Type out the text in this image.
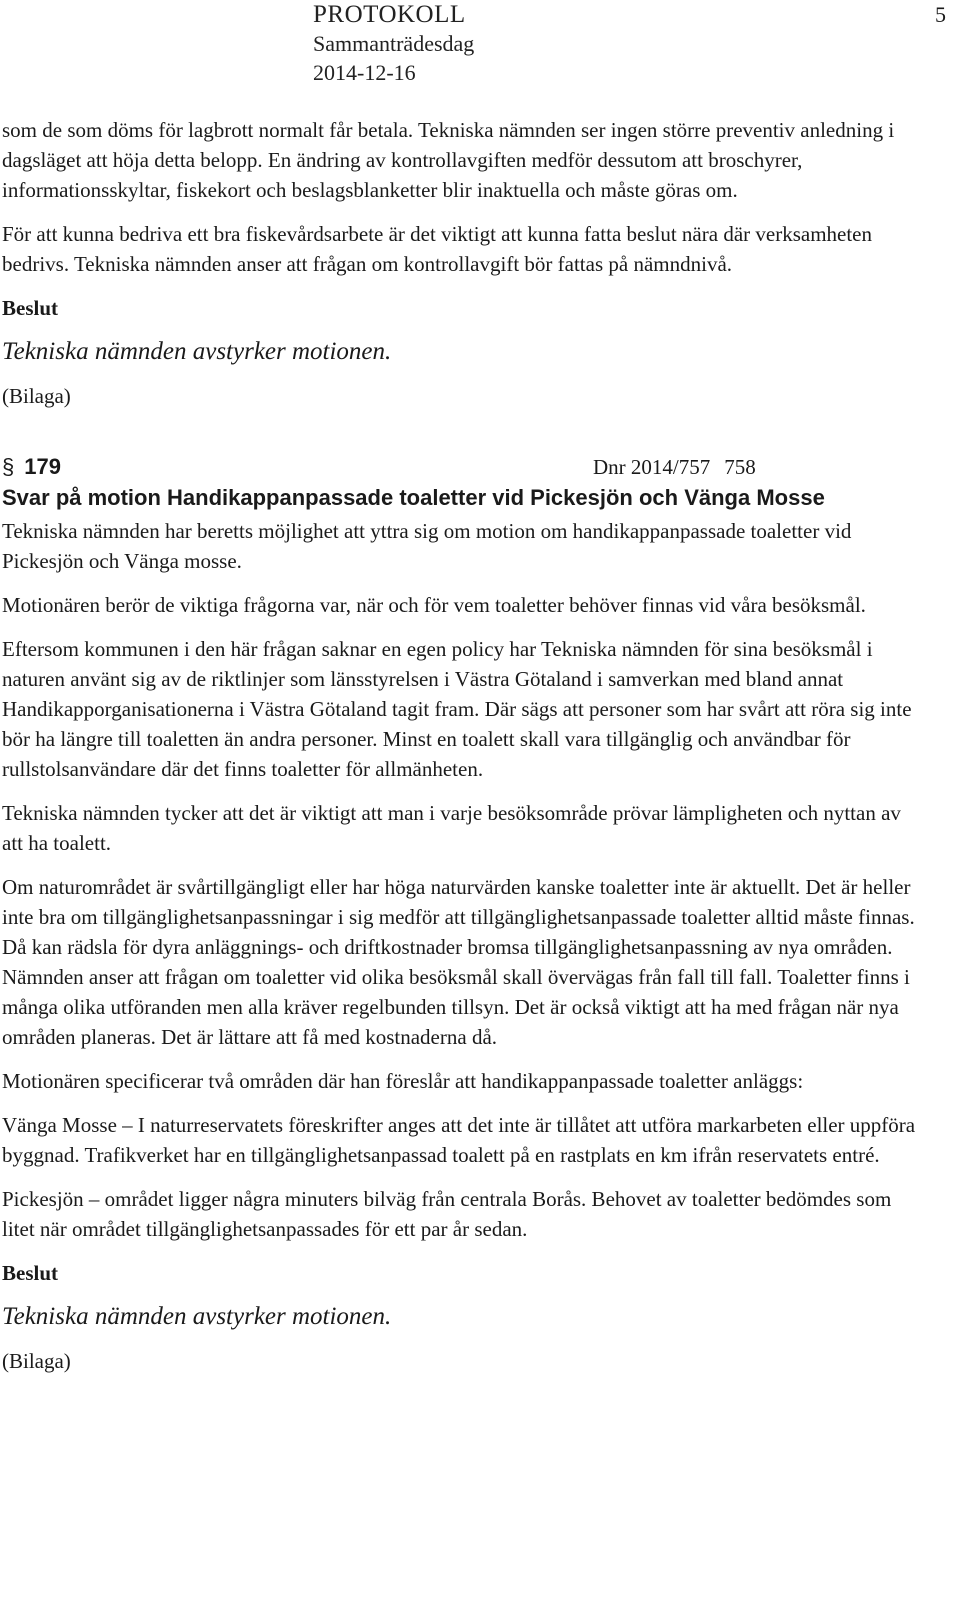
PROTOKOLL
Sammanträdesdag
2014-12-16
5

som de som döms för lagbrott normalt får betala. Tekniska nämnden ser ingen större preventiv anledning i dagsläget att höja detta belopp. En ändring av kontrollavgiften medför dessutom att broschyrer, informationsskyltar, fiskekort och beslagsblanketter blir inaktuella och måste göras om.

För att kunna bedriva ett bra fiskevårdsarbete är det viktigt att kunna fatta beslut nära där verksamheten bedrivs. Tekniska nämnden anser att frågan om kontrollavgift bör fattas på nämndnivå.

Beslut

Tekniska nämnden avstyrker motionen.

(Bilaga)

§ 179	Dnr 2014/757 758
Svar på motion Handikappanpassade toaletter vid Pickesjön och Vänga Mosse

Tekniska nämnden har beretts möjlighet att yttra sig om motion om handikappanpassade toaletter vid Pickesjön och Vänga mosse.

Motionären berör de viktiga frågorna var, när och för vem toaletter behöver finnas vid våra besöksmål.

Eftersom kommunen i den här frågan saknar en egen policy har Tekniska nämnden för sina besöksmål i naturen använt sig av de riktlinjer som länsstyrelsen i Västra Götaland i samverkan med bland annat Handikapporganisationerna i Västra Götaland tagit fram. Där sägs att personer som har svårt att röra sig inte bör ha längre till toaletten än andra personer. Minst en toalett skall vara tillgänglig och användbar för rullstolsanvändare där det finns toaletter för allmänheten.

Tekniska nämnden tycker att det är viktigt att man i varje besöksområde prövar lämpligheten och nyttan av att ha toalett.

Om naturområdet är svårtillgängligt eller har höga naturvärden kanske toaletter inte är aktuellt. Det är heller inte bra om tillgänglighetsanpassningar i sig medför att tillgänglighetsanpassade toaletter alltid måste finnas. Då kan rädsla för dyra anläggnings- och driftkostnader bromsa tillgänglighetsanpassning av nya områden. Nämnden anser att frågan om toaletter vid olika besöksmål skall övervägas från fall till fall. Toaletter finns i många olika utföranden men alla kräver regelbunden tillsyn. Det är också viktigt att ha med frågan när nya områden planeras. Det är lättare att få med kostnaderna då.

Motionären specificerar två områden där han föreslår att handikappanpassade toaletter anläggs:

Vänga Mosse – I naturreservatets föreskrifter anges att det inte är tillåtet att utföra markarbeten eller uppföra byggnad. Trafikverket har en tillgänglighetsanpassad toalett på en rastplats en km ifrån reservatets entré.

Pickesjön – området ligger några minuters bilväg från centrala Borås. Behovet av toaletter bedömdes som litet när området tillgänglighetsanpassades för ett par år sedan.

Beslut

Tekniska nämnden avstyrker motionen.

(Bilaga)
